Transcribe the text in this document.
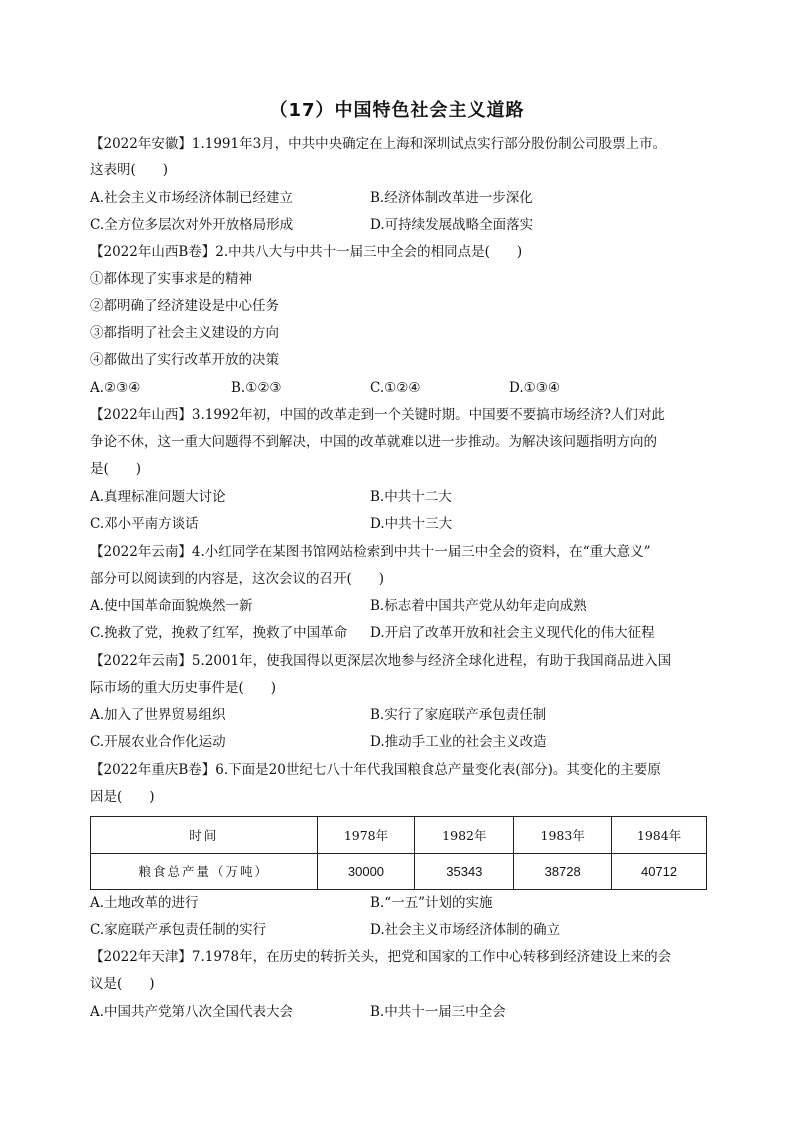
（17）中国特色社会主义道路
【2022年安徽】1.1991年3月，中共中央确定在上海和深圳试点实行部分股份制公司股票上市。
这表明(　　)
A.社会主义市场经济体制已经建立	B.经济体制改革进一步深化
C.全方位多层次对外开放格局形成	D.可持续发展战略全面落实
【2022年山西B卷】2.中共八大与中共十一届三中全会的相同点是(　　)
①都体现了实事求是的精神
②都明确了经济建设是中心任务
③都指明了社会主义建设的方向
④都做出了实行改革开放的决策
A.②③④	B.①②③	C.①②④	D.①③④
【2022年山西】3.1992年初，中国的改革走到一个关键时期。中国要不要搞市场经济?人们对此
争论不休，这一重大问题得不到解决，中国的改革就难以进一步推动。为解决该问题指明方向的
是(　　)
A.真理标准问题大讨论	B.中共十二大
C.邓小平南方谈话	D.中共十三大
【2022年云南】4.小红同学在某图书馆网站检索到中共十一届三中全会的资料，在“重大意义”
部分可以阅读到的内容是，这次会议的召开(　　)
A.使中国革命面貌焕然一新	B.标志着中国共产党从幼年走向成熟
C.挽救了党，挽救了红军，挽救了中国革命 D.开启了改革开放和社会主义现代化的伟大征程
【2022年云南】5.2001年，使我国得以更深层次地参与经济全球化进程，有助于我国商品进入国
际市场的重大历史事件是(　　)
A.加入了世界贸易组织	B.实行了家庭联产承包责任制
C.开展农业合作化运动	D.推动手工业的社会主义改造
【2022年重庆B卷】6.下面是20世纪七八十年代我国粮食总产量变化表(部分)。其变化的主要原
因是(　　)
时间	1978年	1982年	1983年	1984年
粮食总产量（万吨）	30000	35343	38728	40712
A.土地改革的进行	B.“一五”计划的实施
C.家庭联产承包责任制的实行	D.社会主义市场经济体制的确立
【2022年天津】7.1978年，在历史的转折关头，把党和国家的工作中心转移到经济建设上来的会
议是(　　)
A.中国共产党第八次全国代表大会	B.中共十一届三中全会
